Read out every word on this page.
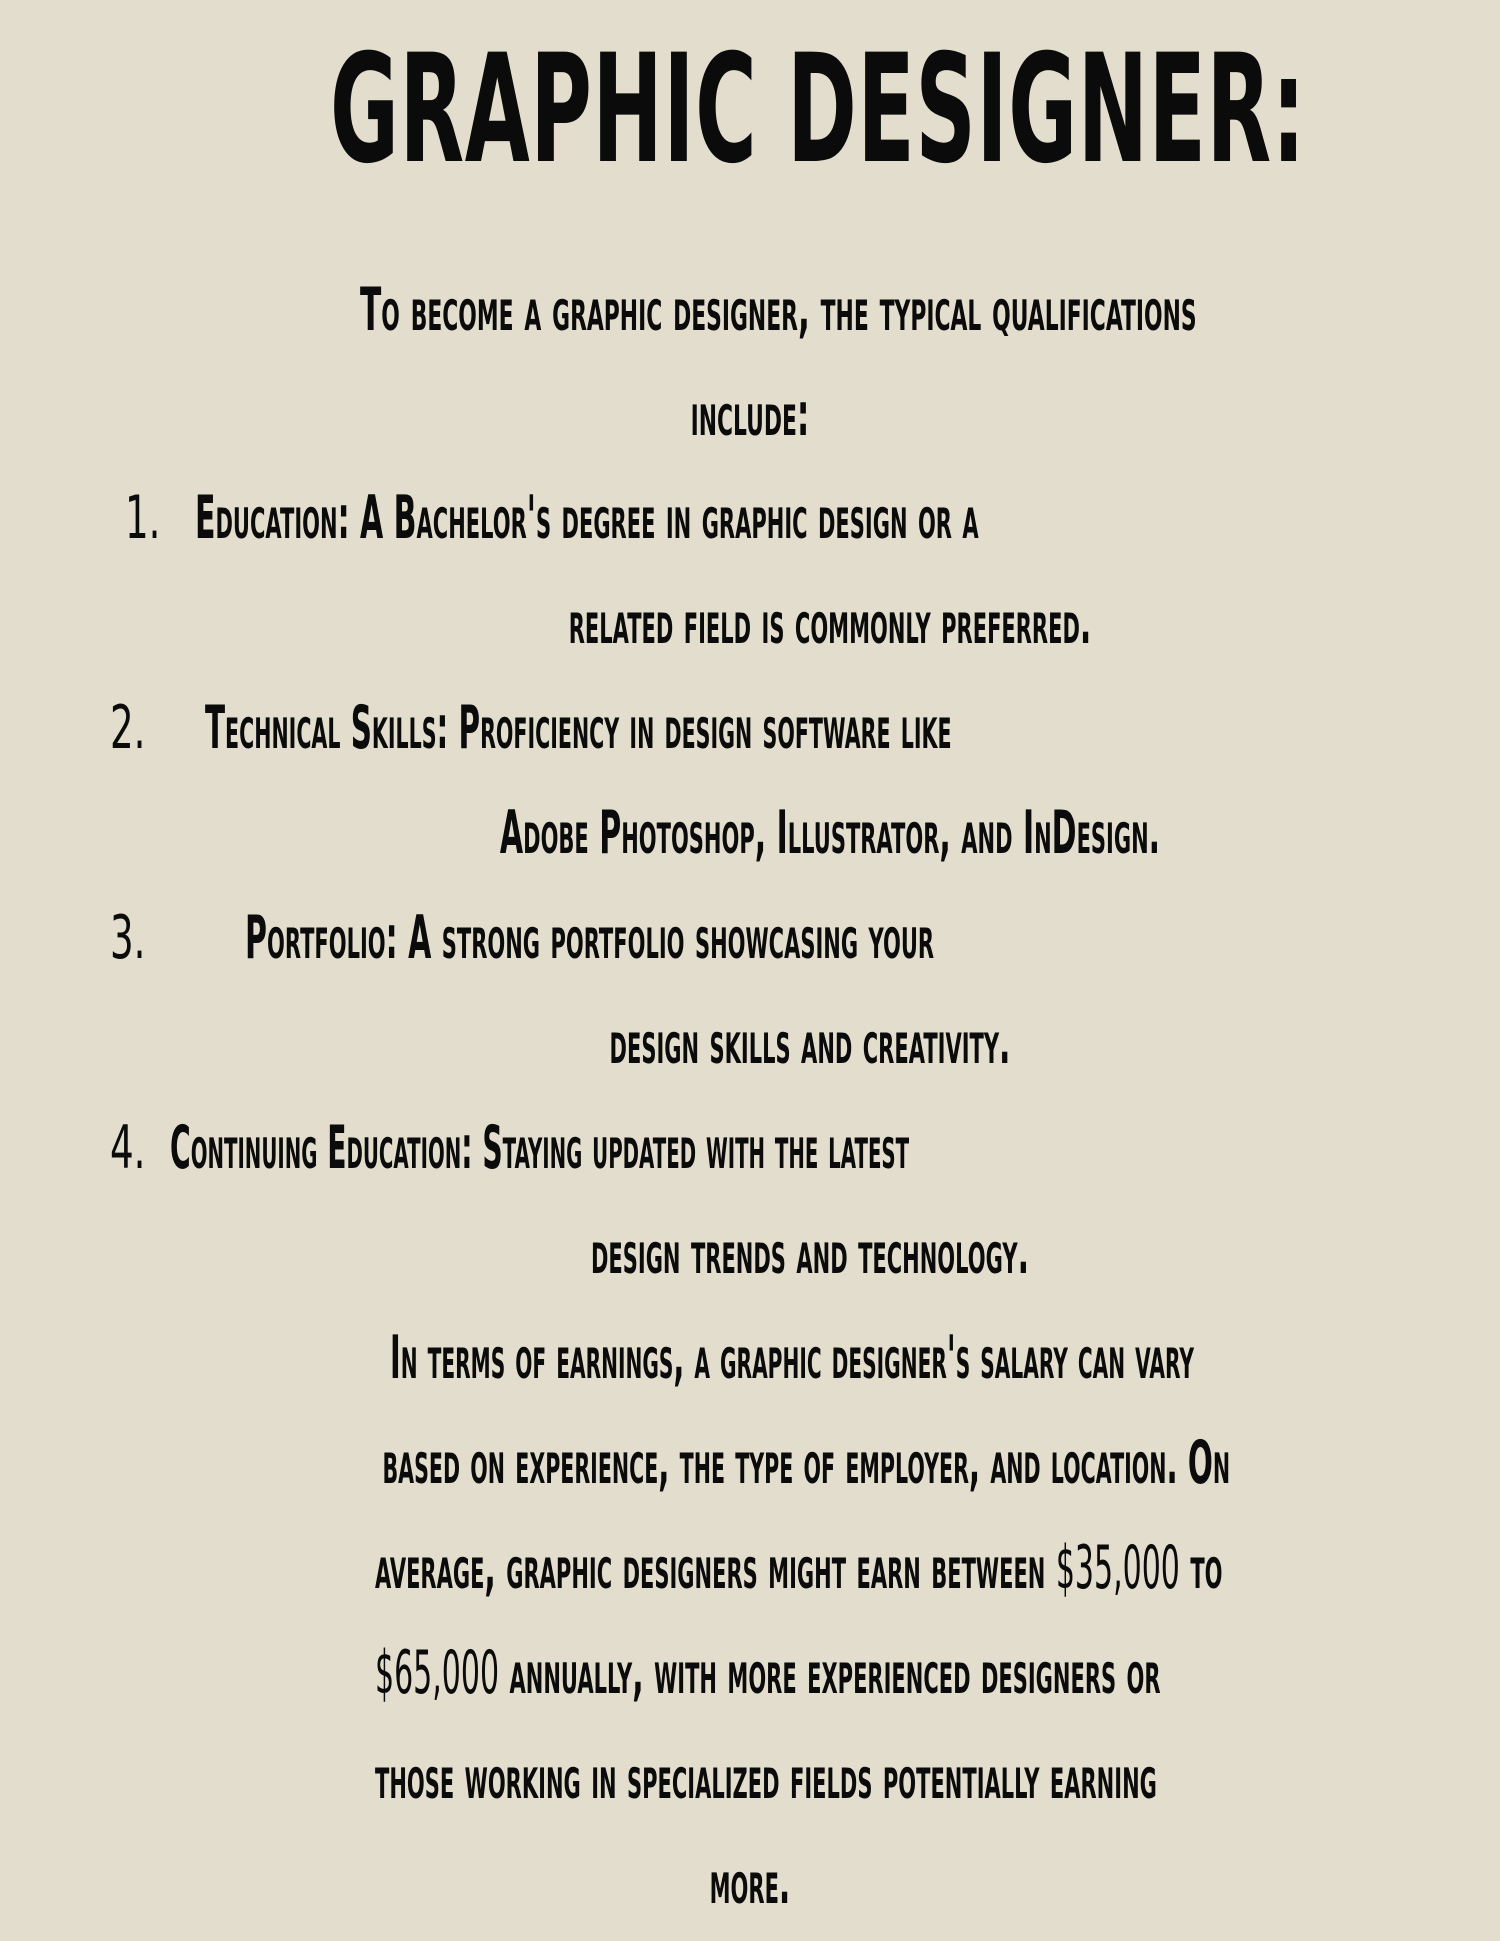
GRAPHIC DESIGNER:
To become a graphic designer, the typical qualifications
include:
1. Education: A Bachelor's degree in graphic design or a
related field is commonly preferred.
2. Technical Skills: Proficiency in design software like
Adobe Photoshop, Illustrator, and InDesign.
3. Portfolio: A strong portfolio showcasing your
design skills and creativity.
4. Continuing Education: Staying updated with the latest
design trends and technology.
In terms of earnings, a graphic designer's salary can vary
based on experience, the type of employer, and location. On
average, graphic designers might earn between $35,000 to
$65,000 annually, with more experienced designers or
those working in specialized fields potentially earning
more.
